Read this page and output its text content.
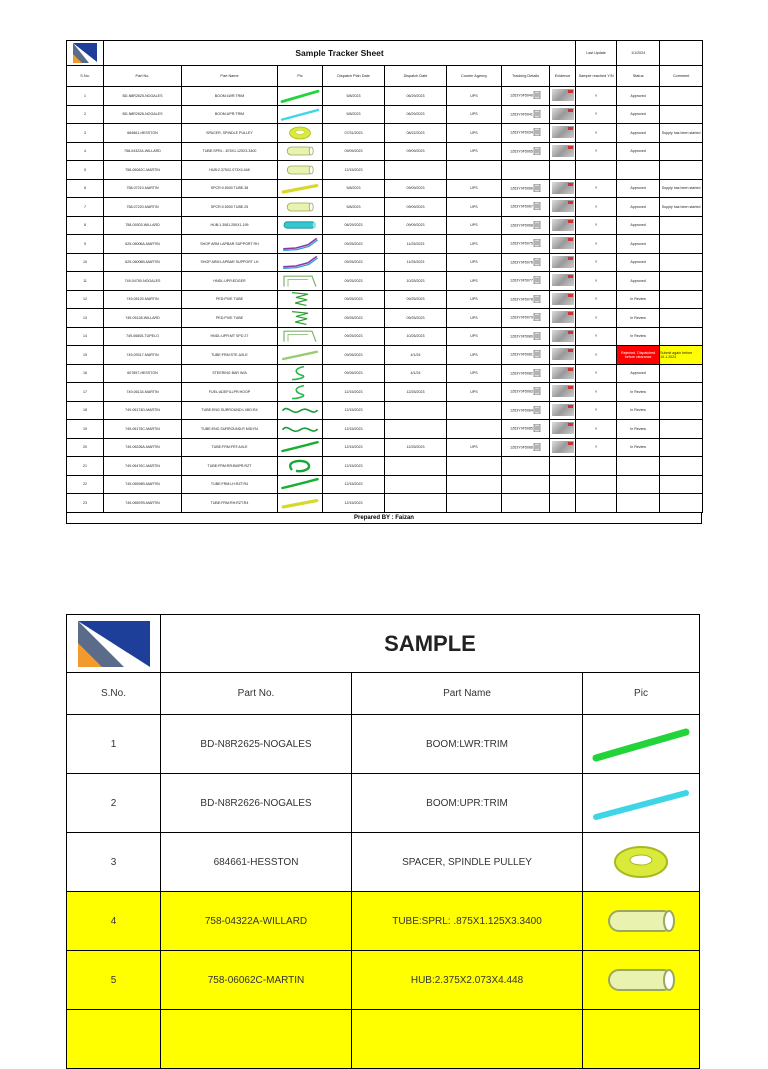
	Sample Tracker Sheet								Last Update	1/1/2024	
S.No.	Part No.	Part Name	Pic	Dispatch Plan Date	Dispatch Date	Courier Agency	Tracking Details	Evidence	Sample reached Y/N	Status	Comment
1	BD-N8R2625-NOGALES	BOOM:LWR:TRIM		5/8/2023	06/29/2023	UPS	1Z63Y0F5040		Y	Approved	
2	BD-N8R2626-NOGALES	BOOM:UPR:TRIM		5/8/2023	06/29/2023	UPS	1Z63Y0F5041		Y	Approved	
3	684661-HESSTON	SPACER, SPINDLE PULLEY		07/31/2023	08/22/2023	UPS	1Z63Y0F5034		Y	Approved	Supply has been started
4	758-04322A-WILLARD	TUBE:SPRL: .875X1.125X3.3400		09/09/2023	09/09/2023	UPS	1Z63Y0F5065		Y	Approved	
5	758-06062C-MARTIN	HUB:2.375X2.073X4.448		12/15/2023							
6	758-07210-MARTIN	SPCR:0.5000 TUBE.38		5/8/2023	09/09/2023	UPS	1Z63Y0F5066		Y	Approved	Supply has been started
7	758-07220-MARTIN	SPCR:0.5000 TUBE.25		5/8/2023	09/09/2023	UPS	1Z63Y0F5067		Y	Approved	Supply has been started
8	758-09303-WILLARD	HUB:1.3081.250X1.195		08/29/2023	09/09/2023	UPS	1Z63Y0F5068		Y	Approved	
9	625-06006A-MARTIN	SHOP ARM LAPBAR SUPPORT RH		09/25/2023	11/25/2023	UPS	1Z63Y0F5075		Y	Approved	
10	625-06006B-MARTIN	SHOP ARM LAPBAR SUPPORT LH		09/25/2023	11/25/2023	UPS	1Z63Y0F5076		Y	Approved	
11	749-04750-NOGALES	HNDL:UPR:EDGER		09/25/2023	10/25/2023	UPS	1Z63Y0F5077		Y	Approved	
12	749-05120-MARTIN	PED:PIVE TUBE		09/25/2023	09/25/2023	UPS	1Z63Y0F5078		Y	In Review	
13	749-05128-WILLARD	PED:PIVE TUBE		09/25/2023	09/25/2023	UPS	1Z63Y0F5079		Y	In Review	
14	749-06605-TUPELO	HNDL:UPR:MT SPD 27		09/25/2023	10/25/2023	UPS	1Z63Y0F5080		Y	In Review	
15	749-09317-MARTIN	TUBE:FRM:STE.AXLE		09/26/2023	4/1/24	UPS	1Z63Y0F5081		Y	Rejected. Dispatched before clearance	Submit again before 15.1.2024
16	607897-HESSTON	STEERING BAR W/A		09/26/2023	4/1/24	UPS	1Z63Y0F5082		Y	Approved	
17	749-06134-MARTIN	FUEL:ADEFILLPR:HOOP		12/15/2023	12/25/2023	UPS	1Z63Y0F5083		Y	In Review	
18	749-06174D-MARTIN	TUBE:ENG SURROUND:L MID:R4		12/15/2023			1Z63Y0F5084		Y	In Review	
19	749-06175C-MARTIN	TUBE:ENG SURROUND:R MID:R4		12/15/2023			1Z63Y0F5085		Y	In Review	
20	749-06226A-MARTIN	TUBE:FRM:FRT:AXLE		12/15/2023	12/25/2023	UPS	1Z63Y0F5086		Y	In Review	
21	749-06476C-MARTIN	TUBE:FRM:RR:BMPR:RZT		12/15/2023							
22	749-06594B-MARTIN	TUBE:FRM:LH:RZT:R4		12/15/2023							
23	749-06597B-MARTIN	TUBE:FRM:RH:RZT:R4		12/15/2023							
Prepared BY : Faizan
	SAMPLE		
S.No.	Part No.	Part Name	Pic
1	BD-N8R2625-NOGALES	BOOM:LWR:TRIM	

2	BD-N8R2626-NOGALES	BOOM:UPR:TRIM	

3	684661-HESSTON	SPACER, SPINDLE PULLEY	

4	758-04322A-WILLARD	TUBE:SPRL: .875X1.125X3.3400	

5	758-06062C-MARTIN	HUB:2.375X2.073X4.448	
